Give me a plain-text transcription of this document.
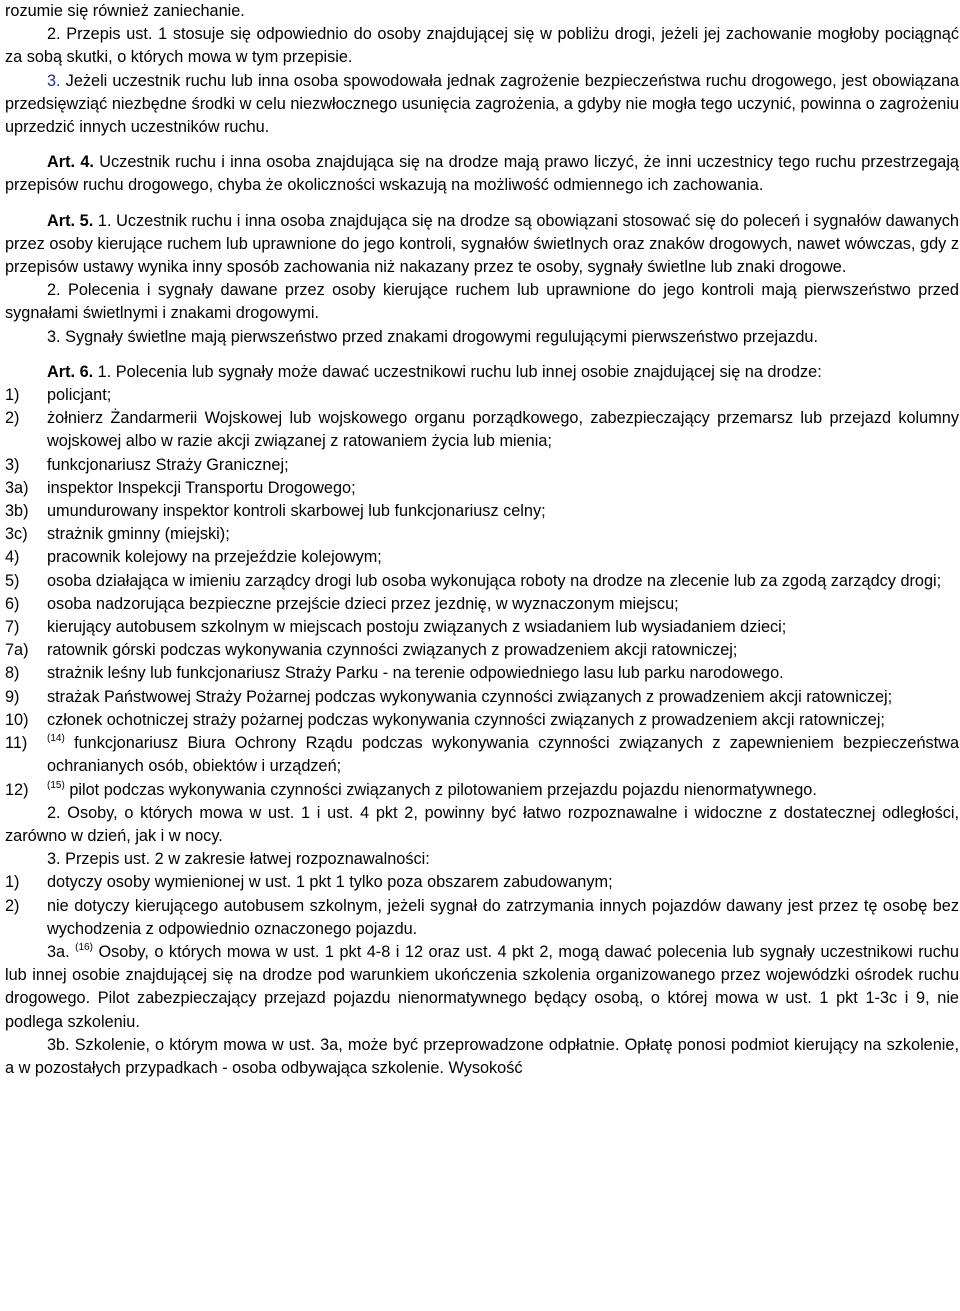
rozumie się również zaniechanie.
2. Przepis ust. 1 stosuje się odpowiednio do osoby znajdującej się w pobliżu drogi, jeżeli jej zachowanie mogłoby pociągnąć za sobą skutki, o których mowa w tym przepisie.
3. Jeżeli uczestnik ruchu lub inna osoba spowodowała jednak zagrożenie bezpieczeństwa ruchu drogowego, jest obowiązana przedsięwziąć niezbędne środki w celu niezwłocznego usunięcia zagrożenia, a gdyby nie mogła tego uczynić, powinna o zagrożeniu uprzedzić innych uczestników ruchu.
Art. 4. Uczestnik ruchu i inna osoba znajdująca się na drodze mają prawo liczyć, że inni uczestnicy tego ruchu przestrzegają przepisów ruchu drogowego, chyba że okoliczności wskazują na możliwość odmiennego ich zachowania.
Art. 5. 1. Uczestnik ruchu i inna osoba znajdująca się na drodze są obowiązani stosować się do poleceń i sygnałów dawanych przez osoby kierujące ruchem lub uprawnione do jego kontroli, sygnałów świetlnych oraz znaków drogowych, nawet wówczas, gdy z przepisów ustawy wynika inny sposób zachowania niż nakazany przez te osoby, sygnały świetlne lub znaki drogowe.
2. Polecenia i sygnały dawane przez osoby kierujące ruchem lub uprawnione do jego kontroli mają pierwszeństwo przed sygnałami świetlnymi i znakami drogowymi.
3. Sygnały świetlne mają pierwszeństwo przed znakami drogowymi regulującymi pierwszeństwo przejazdu.
Art. 6. 1. Polecenia lub sygnały może dawać uczestnikowi ruchu lub innej osobie znajdującej się na drodze:
1) policjant;
2) żołnierz Żandarmerii Wojskowej lub wojskowego organu porządkowego, zabezpieczający przemarsz lub przejazd kolumny wojskowej albo w razie akcji związanej z ratowaniem życia lub mienia;
3) funkcjonariusz Straży Granicznej;
3a) inspektor Inspekcji Transportu Drogowego;
3b) umundurowany inspektor kontroli skarbowej lub funkcjonariusz celny;
3c) strażnik gminny (miejski);
4) pracownik kolejowy na przejeździe kolejowym;
5) osoba działająca w imieniu zarządcy drogi lub osoba wykonująca roboty na drodze na zlecenie lub za zgodą zarządcy drogi;
6) osoba nadzorująca bezpieczne przejście dzieci przez jezdnię, w wyznaczonym miejscu;
7) kierujący autobusem szkolnym w miejscach postoju związanych z wsiadaniem lub wysiadaniem dzieci;
7a) ratownik górski podczas wykonywania czynności związanych z prowadzeniem akcji ratowniczej;
8) strażnik leśny lub funkcjonariusz Straży Parku - na terenie odpowiedniego lasu lub parku narodowego.
9) strażak Państwowej Straży Pożarnej podczas wykonywania czynności związanych z prowadzeniem akcji ratowniczej;
10) członek ochotniczej straży pożarnej podczas wykonywania czynności związanych z prowadzeniem akcji ratowniczej;
11) $^{(14)}$ funkcjonariusz Biura Ochrony Rządu podczas wykonywania czynności związanych z zapewnieniem bezpieczeństwa ochranianych osób, obiektów i urządzeń;
12) $^{(15)}$ pilot podczas wykonywania czynności związanych z pilotowaniem przejazdu pojazdu nienormatywnego.
2. Osoby, o których mowa w ust. 1 i ust. 4 pkt 2, powinny być łatwo rozpoznawalne i widoczne z dostatecznej odległości, zarówno w dzień, jak i w nocy.
3. Przepis ust. 2 w zakresie łatwej rozpoznawalności:
1) dotyczy osoby wymienionej w ust. 1 pkt 1 tylko poza obszarem zabudowanym;
2) nie dotyczy kierującego autobusem szkolnym, jeżeli sygnał do zatrzymania innych pojazdów dawany jest przez tę osobę bez wychodzenia z odpowiednio oznaczonego pojazdu.
3a. $^{(16)}$ Osoby, o których mowa w ust. 1 pkt 4-8 i 12 oraz ust. 4 pkt 2, mogą dawać polecenia lub sygnały uczestnikowi ruchu lub innej osobie znajdującej się na drodze pod warunkiem ukończenia szkolenia organizowanego przez wojewódzki ośrodek ruchu drogowego. Pilot zabezpieczający przejazd pojazdu nienormatywnego będący osobą, o której mowa w ust. 1 pkt 1-3c i 9, nie podlega szkoleniu.
3b. Szkolenie, o którym mowa w ust. 3a, może być przeprowadzone odpłatnie. Opłatę ponosi podmiot kierujący na szkolenie, a w pozostałych przypadkach - osoba odbywająca szkolenie. Wysokość
